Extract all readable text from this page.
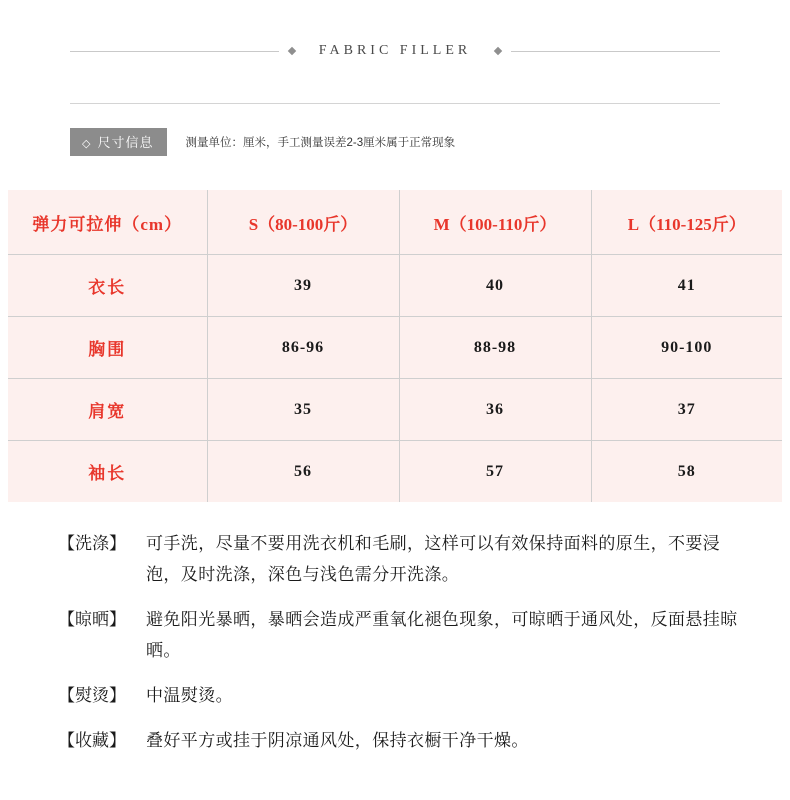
FABRIC FILLER
◇ 尺寸信息	测量单位：厘米，手工测量误差2-3厘米属于正常现象
弹力可拉伸（cm）	S（80-100斤）	M（100-110斤）	L（110-125斤）
衣长	39	40	41
胸围	86-96	88-98	90-100
肩宽	35	36	37
袖长	56	57	58
【洗涤】	可手洗，尽量不要用洗衣机和毛刷，这样可以有效保持面料的原生，不要浸泡，及时洗涤，深色与浅色需分开洗涤。
【晾晒】	避免阳光暴晒，暴晒会造成严重氧化褪色现象，可晾晒于通风处，反面悬挂晾晒。
【熨烫】	中温熨烫。
【收藏】	叠好平方或挂于阴凉通风处，保持衣橱干净干燥。
